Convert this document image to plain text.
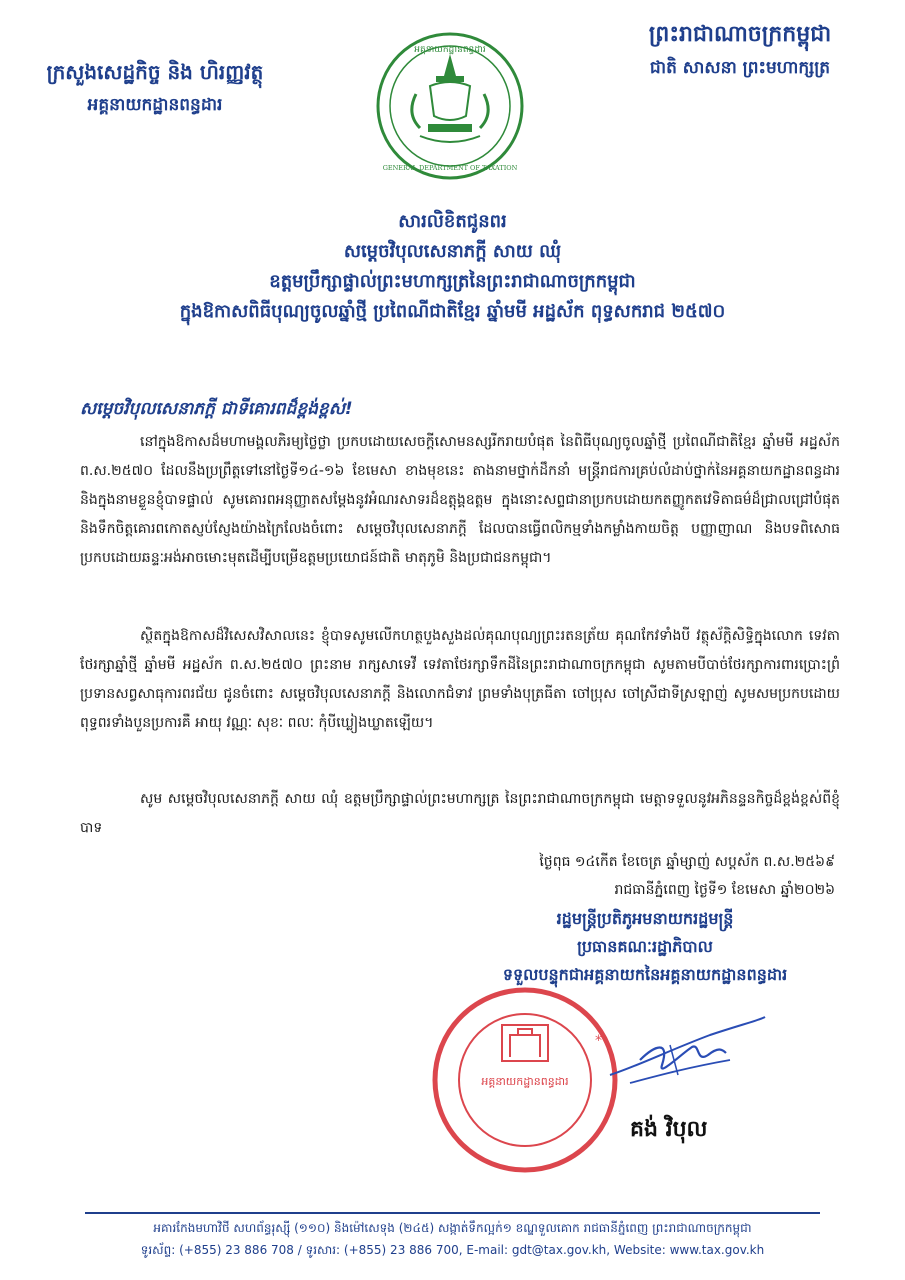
ក្រសួងសេដ្ឋកិច្ច និង ហិរញ្ញវត្ថុ
អគ្គនាយកដ្ឋានពន្ធដារ
ព្រះរាជាណាចក្រកម្ពុជា
ជាតិ សាសនា ព្រះមហាក្សត្រ
អគ្គនាយកដ្ឋានពន្ធដារ
GENERAL DEPARTMENT OF TAXATION
សារលិខិតជូនពរ
សម្ដេចវិបុលសេនាភក្ដី សាយ ឈុំ
ឧត្ដមប្រឹក្សាផ្ទាល់ព្រះមហាក្សត្រនៃព្រះរាជាណាចក្រកម្ពុជា
ក្នុងឱកាសពិធីបុណ្យចូលឆ្នាំថ្មី ប្រពៃណីជាតិខ្មែរ ឆ្នាំមមី អដ្ឋស័ក ពុទ្ធសករាជ ២៥៧០
សម្ដេចវិបុលសេនាភក្ដី ជាទីគោរពដ៏ខ្ពង់ខ្ពស់!
នៅក្នុងឱកាសដ៏មហាមង្គលភិរម្យថ្លៃថ្លា ប្រកបដោយសេចក្ដីសោមនស្សរីករាយបំផុត នៃពិធីបុណ្យចូលឆ្នាំថ្មី ប្រពៃណីជាតិខ្មែរ ឆ្នាំមមី អដ្ឋស័ក ព.ស.២៥៧០ ដែលនឹងប្រព្រឹត្តទៅនៅថ្ងៃទី១៤-១៦ ខែមេសា ខាងមុខនេះ តាងនាមថ្នាក់ដឹកនាំ មន្ត្រីរាជការគ្រប់លំដាប់ថ្នាក់នៃអគ្គនាយកដ្ឋានពន្ធដារ និងក្នុងនាមខ្លួនខ្ញុំបាទផ្ទាល់ សូមគោរពអនុញ្ញាតសម្ដែងនូវអំណរសាទរដ៏ឧត្ដុង្គឧត្ដម ក្នុងនោះសព្ទជានាប្រកបដោយកតញ្ញូកតវេទិតាធម៌ដ៏ជ្រាលជ្រៅបំផុត និងទឹកចិត្តគោរពកោតស្ញប់ស្ញែងយ៉ាងក្រៃលែងចំពោះ សម្ដេចវិបុលសេនាភក្ដី ដែលបានធ្វើពលិកម្មទាំងកម្លាំងកាយចិត្ត បញ្ញាញាណ និងបទពិសោធប្រកបដោយឆន្ទៈអង់អាចមោះមុតដើម្បីបម្រើឧត្ដមប្រយោជន៍ជាតិ មាតុភូមិ និងប្រជាជនកម្ពុជា។
ស្ថិតក្នុងឱកាសដ៏វិសេសវិសាលនេះ ខ្ញុំបាទសូមលើកហត្ថបួងសួងដល់គុណបុណ្យព្រះរតនត្រ័យ គុណកែវទាំងបី វត្ថុស័ក្ដិសិទ្ធិក្នុងលោក ទេវតាថែរក្សាឆ្នាំថ្មី ឆ្នាំមមី អដ្ឋស័ក ព.ស.២៥៧០ ព្រះនាម រាក្សសាទេវី ទេវតាថែរក្សាទឹកដីនៃព្រះរាជាណាចក្រកម្ពុជា សូមតាមបីបាច់ថែរក្សាការពារប្រោះព្រំប្រទានសព្វសាធុការពរជ័យ ជូនចំពោះ សម្ដេចវិបុលសេនាភក្ដី និងលោកជំទាវ ព្រមទាំងបុត្រធីតា ចៅប្រុស ចៅស្រីជាទីស្រឡាញ់ សូមសមប្រកបដោយពុទ្ធពរទាំងបួនប្រការគឺ អាយុ វណ្ណៈ សុខៈ ពលៈ កុំបីឃ្លៀងឃ្លាតឡើយ។
សូម សម្ដេចវិបុលសេនាភក្ដី សាយ ឈុំ ឧត្ដមប្រឹក្សាផ្ទាល់ព្រះមហាក្សត្រ នៃព្រះរាជាណាចក្រកម្ពុជា មេត្តាទទួលនូវអភិនន្ទនកិច្ចដ៏ខ្ពង់ខ្ពស់ពីខ្ញុំបាទ
ថ្ងៃពុធ ១៤កើត ខែចេត្រ ឆ្នាំម្សាញ់ សប្តស័ក ព.ស.២៥៦៩
រាជធានីភ្នំពេញ ថ្ងៃទី១ ខែមេសា ឆ្នាំ២០២៦
រដ្ឋមន្ត្រីប្រតិភូអមនាយករដ្ឋមន្ត្រី
ប្រធានគណៈរដ្ឋាភិបាល
ទទួលបន្ទុកជាអគ្គនាយកនៃអគ្គនាយកដ្ឋានពន្ធដារ
អគ្គនាយកដ្ឋានពន្ធដារ
*
គង់ វិបុល
អគារកែងមហាវិថី សហព័ន្ធរុស្ស៊ី (១១០) និងម៉ៅសេទុង (២៤៥) សង្កាត់ទឹកល្អក់១ ខណ្ឌទួលគោក រាជធានីភ្នំពេញ ព្រះរាជាណាចក្រកម្ពុជា
ទូរស័ព្ទ: (+855) 23 886 708 / ទូរសារ: (+855) 23 886 700, E-mail: gdt@tax.gov.kh, Website: www.tax.gov.kh
